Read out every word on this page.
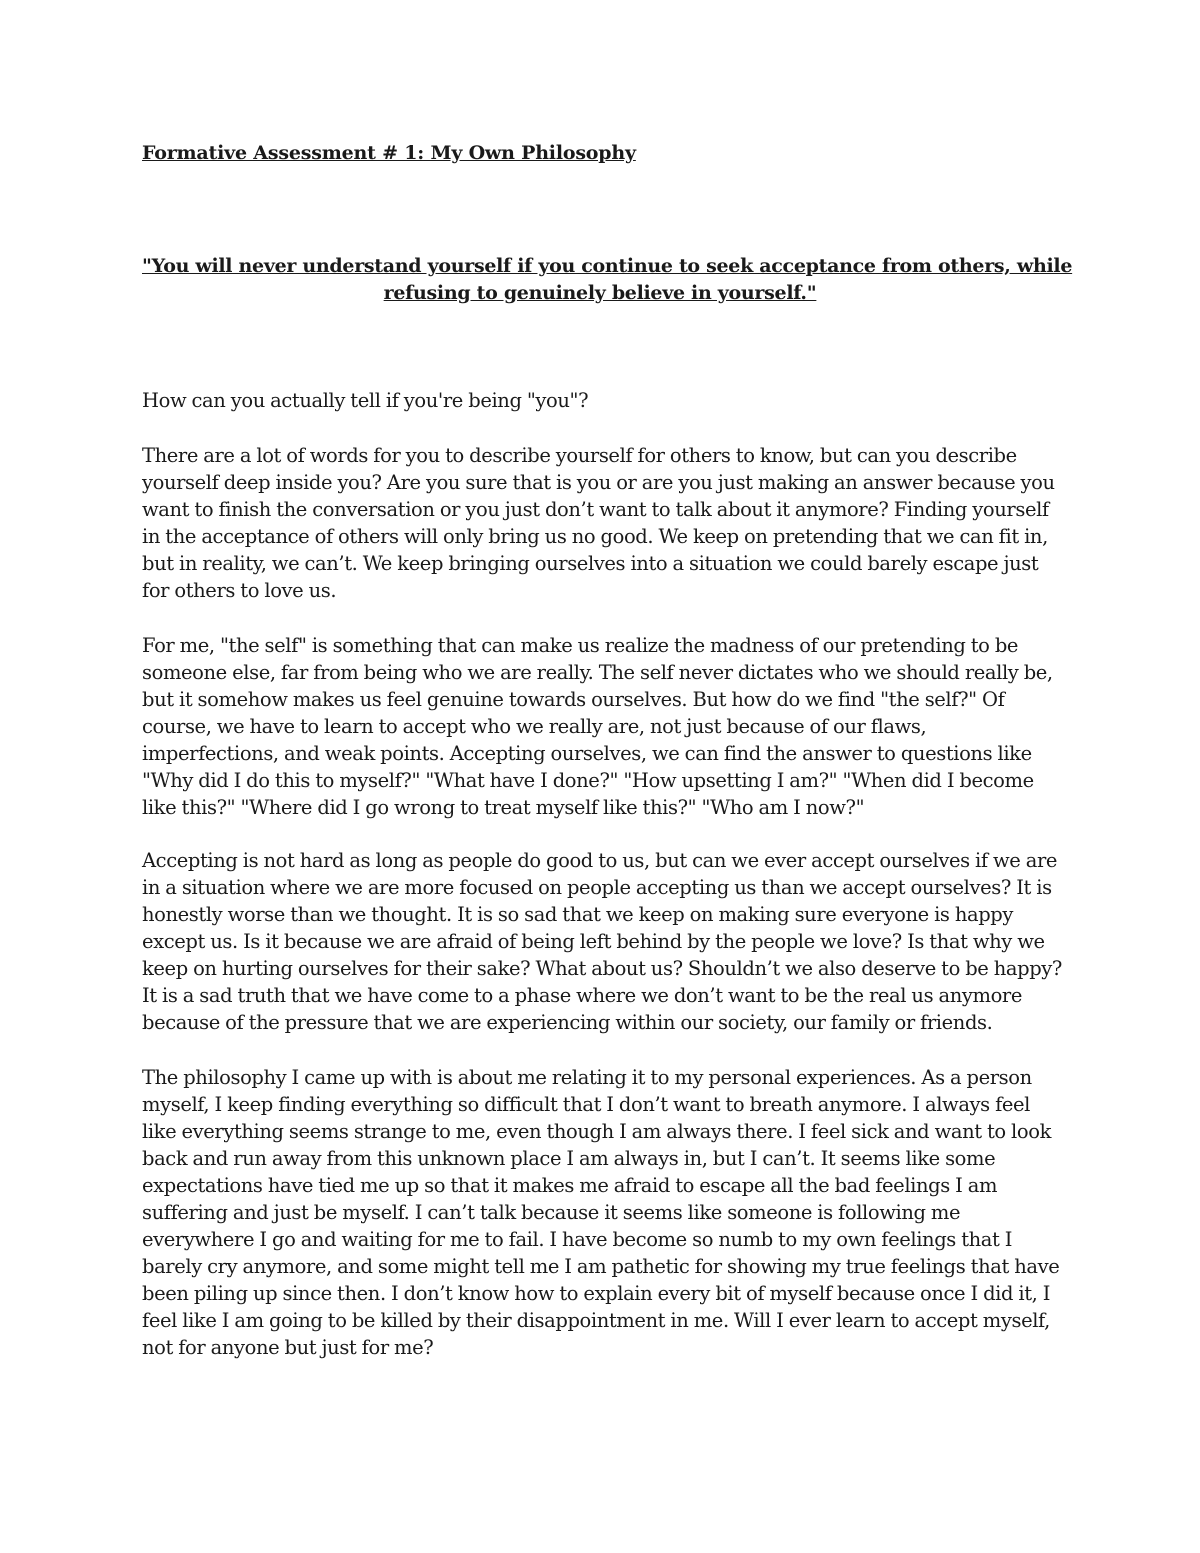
Formative Assessment # 1: My Own Philosophy
"You will never understand yourself if you continue to seek acceptance from others, while
refusing to genuinely believe in yourself."

How can you actually tell if you're being "you"?

There are a lot of words for you to describe yourself for others to know, but can you describe
yourself deep inside you? Are you sure that is you or are you just making an answer because you
want to finish the conversation or you just don’t want to talk about it anymore? Finding yourself
in the acceptance of others will only bring us no good. We keep on pretending that we can fit in,
but in reality, we can’t. We keep bringing ourselves into a situation we could barely escape just
for others to love us.

For me, "the self" is something that can make us realize the madness of our pretending to be
someone else, far from being who we are really. The self never dictates who we should really be,
but it somehow makes us feel genuine towards ourselves. But how do we find "the self?" Of
course, we have to learn to accept who we really are, not just because of our flaws,
imperfections, and weak points. Accepting ourselves, we can find the answer to questions like
"Why did I do this to myself?" "What have I done?" "How upsetting I am?" "When did I become
like this?" "Where did I go wrong to treat myself like this?" "Who am I now?"

Accepting is not hard as long as people do good to us, but can we ever accept ourselves if we are
in a situation where we are more focused on people accepting us than we accept ourselves? It is
honestly worse than we thought. It is so sad that we keep on making sure everyone is happy
except us. Is it because we are afraid of being left behind by the people we love? Is that why we
keep on hurting ourselves for their sake? What about us? Shouldn’t we also deserve to be happy?
It is a sad truth that we have come to a phase where we don’t want to be the real us anymore
because of the pressure that we are experiencing within our society, our family or friends.

The philosophy I came up with is about me relating it to my personal experiences. As a person
myself, I keep finding everything so difficult that I don’t want to breath anymore. I always feel
like everything seems strange to me, even though I am always there. I feel sick and want to look
back and run away from this unknown place I am always in, but I can’t. It seems like some
expectations have tied me up so that it makes me afraid to escape all the bad feelings I am
suffering and just be myself. I can’t talk because it seems like someone is following me
everywhere I go and waiting for me to fail. I have become so numb to my own feelings that I
barely cry anymore, and some might tell me I am pathetic for showing my true feelings that have
been piling up since then. I don’t know how to explain every bit of myself because once I did it, I
feel like I am going to be killed by their disappointment in me. Will I ever learn to accept myself,
not for anyone but just for me?
